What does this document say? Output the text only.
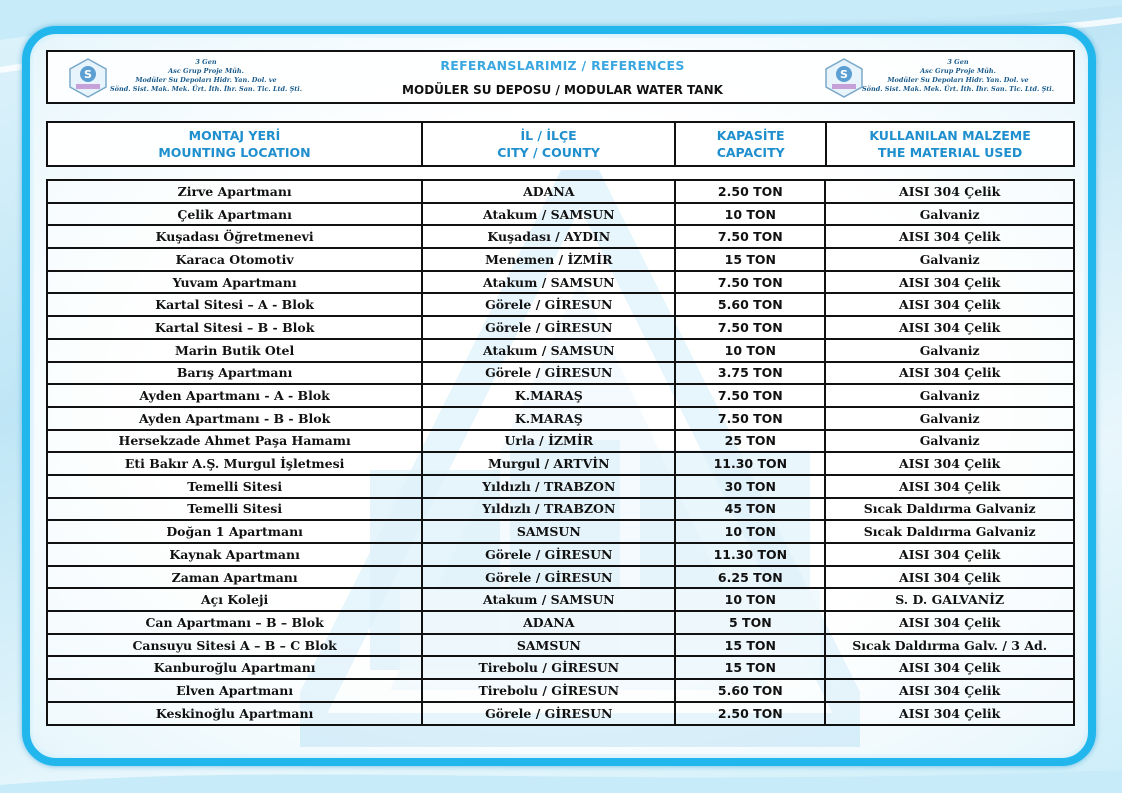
S
3 Gen
Asc Grup Proje Müh.
Modüler Su Depoları Hidr. Yan. Dol. ve
Sönd. Sist. Mak. Mek. Ürt. İth. İhr. San. Tic. Ltd. Şti.
REFERANSLARIMIZ / REFERENCES
MODÜLER SU DEPOSU / MODULAR WATER TANK
S
3 Gen
Asc Grup Proje Müh.
Modüler Su Depoları Hidr. Yan. Dol. ve
Sönd. Sist. Mak. Mek. Ürt. İth. İhr. San. Tic. Ltd. Şti.
MONTAJ YERİ
MOUNTING LOCATION

İL / İLÇE
CITY / COUNTY

KAPASİTE
CAPACITY

KULLANILAN MALZEME
THE MATERIAL USED
Zirve Apartmanı	ADANA	2.50 TON	AISI 304 Çelik
Çelik Apartmanı	Atakum / SAMSUN	10 TON	Galvaniz
Kuşadası Öğretmenevi	Kuşadası / AYDIN	7.50 TON	AISI 304 Çelik
Karaca Otomotiv	Menemen / İZMİR	15 TON	Galvaniz
Yuvam Apartmanı	Atakum / SAMSUN	7.50 TON	AISI 304 Çelik
Kartal Sitesi – A - Blok	Görele / GİRESUN	5.60 TON	AISI 304 Çelik
Kartal Sitesi – B - Blok	Görele / GİRESUN	7.50 TON	AISI 304 Çelik
Marin Butik Otel	Atakum / SAMSUN	10 TON	Galvaniz
Barış Apartmanı	Görele / GİRESUN	3.75 TON	AISI 304 Çelik
Ayden Apartmanı - A - Blok	K.MARAŞ	7.50 TON	Galvaniz
Ayden Apartmanı - B - Blok	K.MARAŞ	7.50 TON	Galvaniz
Hersekzade Ahmet Paşa Hamamı	Urla / İZMİR	25 TON	Galvaniz
Eti Bakır A.Ş. Murgul İşletmesi	Murgul / ARTVİN	11.30 TON	AISI 304 Çelik
Temelli Sitesi	Yıldızlı / TRABZON	30 TON	AISI 304 Çelik
Temelli Sitesi	Yıldızlı / TRABZON	45 TON	Sıcak Daldırma Galvaniz
Doğan 1 Apartmanı	SAMSUN	10 TON	Sıcak Daldırma Galvaniz
Kaynak Apartmanı	Görele / GİRESUN	11.30 TON	AISI 304 Çelik
Zaman Apartmanı	Görele / GİRESUN	6.25 TON	AISI 304 Çelik
Açı Koleji	Atakum / SAMSUN	10 TON	S. D. GALVANİZ
Can Apartmanı – B – Blok	ADANA	5 TON	AISI 304 Çelik
Cansuyu Sitesi A – B – C Blok	SAMSUN	15 TON	Sıcak Daldırma Galv. / 3 Ad.
Kanburoğlu Apartmanı	Tirebolu / GİRESUN	15 TON	AISI 304 Çelik
Elven Apartmanı	Tirebolu / GİRESUN	5.60 TON	AISI 304 Çelik
Keskinoğlu Apartmanı	Görele / GİRESUN	2.50 TON	AISI 304 Çelik
